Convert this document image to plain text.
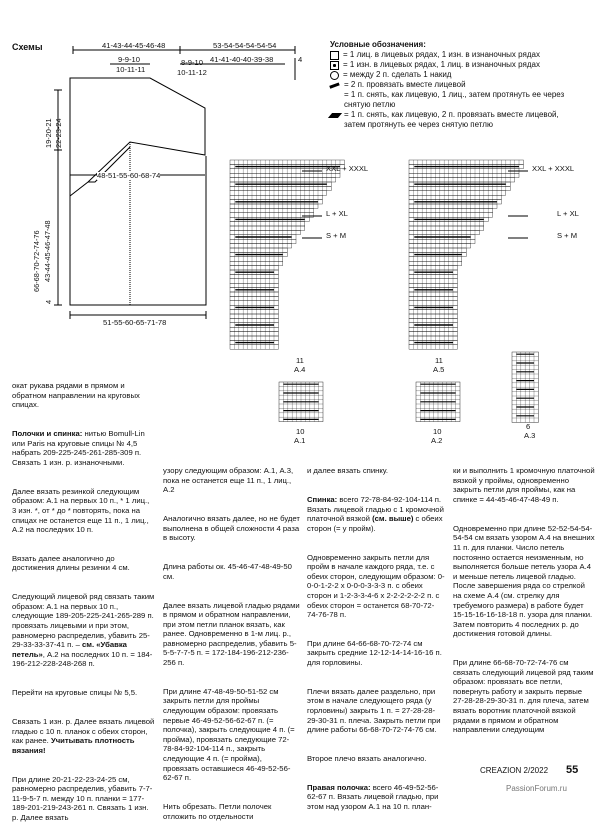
Схемы	41-43-44-45-46-48	53-54-54-54-54-54
9-9-10
10-11-11
8-9-10
10-11-12
41-41-40-40-39-38	4
19-20-21 22-23-24
66-68-70-72-74-76 43-44-45-46-47-48
4
48-51-55-60-68-74
51-55-60-65-71-78
Условные обозначения:
= 1 лиц. в лицевых рядах, 1 изн. в изнаночных рядах
= 1 изн. в лицевых рядах, 1 лиц. в изнаночных рядах
= между 2 п. сделать 1 накид
= 2 п. провязать вместе лицевой
= 1 п. снять, как лицевую, 1 лиц., затем протянуть ее через снятую петлю
= 1 п. снять, как лицевую, 2 п. провязать вместе лицевой, затем протянуть ее через снятую петлю
XXL + XXXL
L + XL
S + M
XXL + XXXL
L + XL
S + M
11
A.4
11
A.5
10
A.1
10
A.2
6
A.3

окат рукава рядами в прямом и обратном направлении на круговых спицах.

Полочки и спинка: нитью Bomull-Lin или Paris на круговые спицы № 4,5 набрать 209-225-245-261-285-309 п. Связать 1 изн. р. изнаночными.

Далее вязать резинкой следующим образом: А.1 на первых 10 п., * 1 лиц., 3 изн. *, от * до * повторять, пока на спицах не останется еще 11 п., 1 лиц., А.2 на последних 10 п.

Вязать далее аналогично до достижения длины резинки 4 см.

Следующий лицевой ряд связать таким образом: А.1 на первых 10 п., следующие 189-205-225-241-265-289 п. провязать лицевыми и при этом, равномерно распределив, убавить 25-29-33-33-37-41 п. – см. «Убавка петель», А.2 на последних 10 п. = 184-196-212-228-248-268 п.

Перейти на круговые спицы № 5,5.

Связать 1 изн. р. Далее вязать лицевой гладью с 10 п. планок с обеих сторон, как ранее. Учитывать плотность вязания!

При длине 20-21-22-23-24-25 см, равномерно распределив, убавить 7-7-11-9-5-7 п. между 10 п. планки = 177-189-201-219-243-261 п. Связать 1 изн. р. Далее вязать

узору следующим образом: А.1, А.3, пока не останется еще 11 п., 1 лиц., А.2

Аналогично вязать далее, но не будет выполнена в общей сложности 4 раза в высоту.

Длина работы ок. 45-46-47-48-49-50 см.

Далее вязать лицевой гладью рядами в прямом и обратном направлении, при этом петли планок вязать, как ранее. Одновременно в 1-м лиц. р., равномерно распределив, убавить 5-5-5-7-7-5 п. = 172-184-196-212-236-256 п.

При длине 47-48-49-50-51-52 см закрыть петли для проймы следующим образом: провязать первые 46-49-52-56-62-67 п. (= полочка), закрыть следующие 4 п. (= пройма), провязать следующие 72-78-84-92-104-114 п., закрыть следующие 4 п. (= пройма), провязать оставшиеся 46-49-52-56-62-67 п.

Нить обрезать. Петли полочек отложить по отдельности

и далее вязать спинку.

Спинка: всего 72-78-84-92-104-114 п. Вязать лицевой гладью с 1 кромочной платочной вязкой (см. выше) с обеих сторон (= у пройм).

Одновременно закрыть петли для пройм в начале каждого ряда, т.е. с обеих сторон, следующим образом: 0-0-0-1-2-2 х 0-0-0-3-3-3 п. с обеих сторон и 1-2-3-3-4-6 х 2-2-2-2-2-2 п. с обеих сторон = останется 68-70-72-74-76-78 п.

При длине 64-66-68-70-72-74 см закрыть средние 12-12-14-14-16-16 п. для горловины.

Плечи вязать далее раздельно, при этом в начале следующего ряда (у горловины) закрыть 1 п. = 27-28-28-29-30-31 п. плеча. Закрыть петли при длине работы 66-68-70-72-74-76 см.

Второе плечо вязать аналогично.

Правая полочка: всего 46-49-52-56-62-67 п. Вязать лицевой гладью, при этом над узором А.1 на 10 п. план-

ки и выполнить 1 кромочную платочной вязкой у проймы, одновременно закрыть петли для проймы, как на спинке = 44-45-46-47-48-49 п.

Одновременно при длине 52-52-54-54-54-54 см вязать узором А.4 на внешних 11 п. для планки. Число петель постоянно остается неизменным, но выполняется больше петель узора А.4 и меньше петель лицевой гладью. После завершения ряда со стрелкой на схеме А.4 (см. стрелку для требуемого размера) в работе будет 15-15-16-16-18-18 п. узора для планки. Затем повторить 4 последних р. до достижения готовой длины.

При длине 66-68-70-72-74-76 см связать следующий лицевой ряд таким образом: провязать все петли, повернуть работу и закрыть первые 27-28-28-29-30-31 п. для плеча, затем вязать воротник платочной вязкой рядами в прямом и обратном направлении следующим

CREAZION 2/2022 55
PassionForum.ru
